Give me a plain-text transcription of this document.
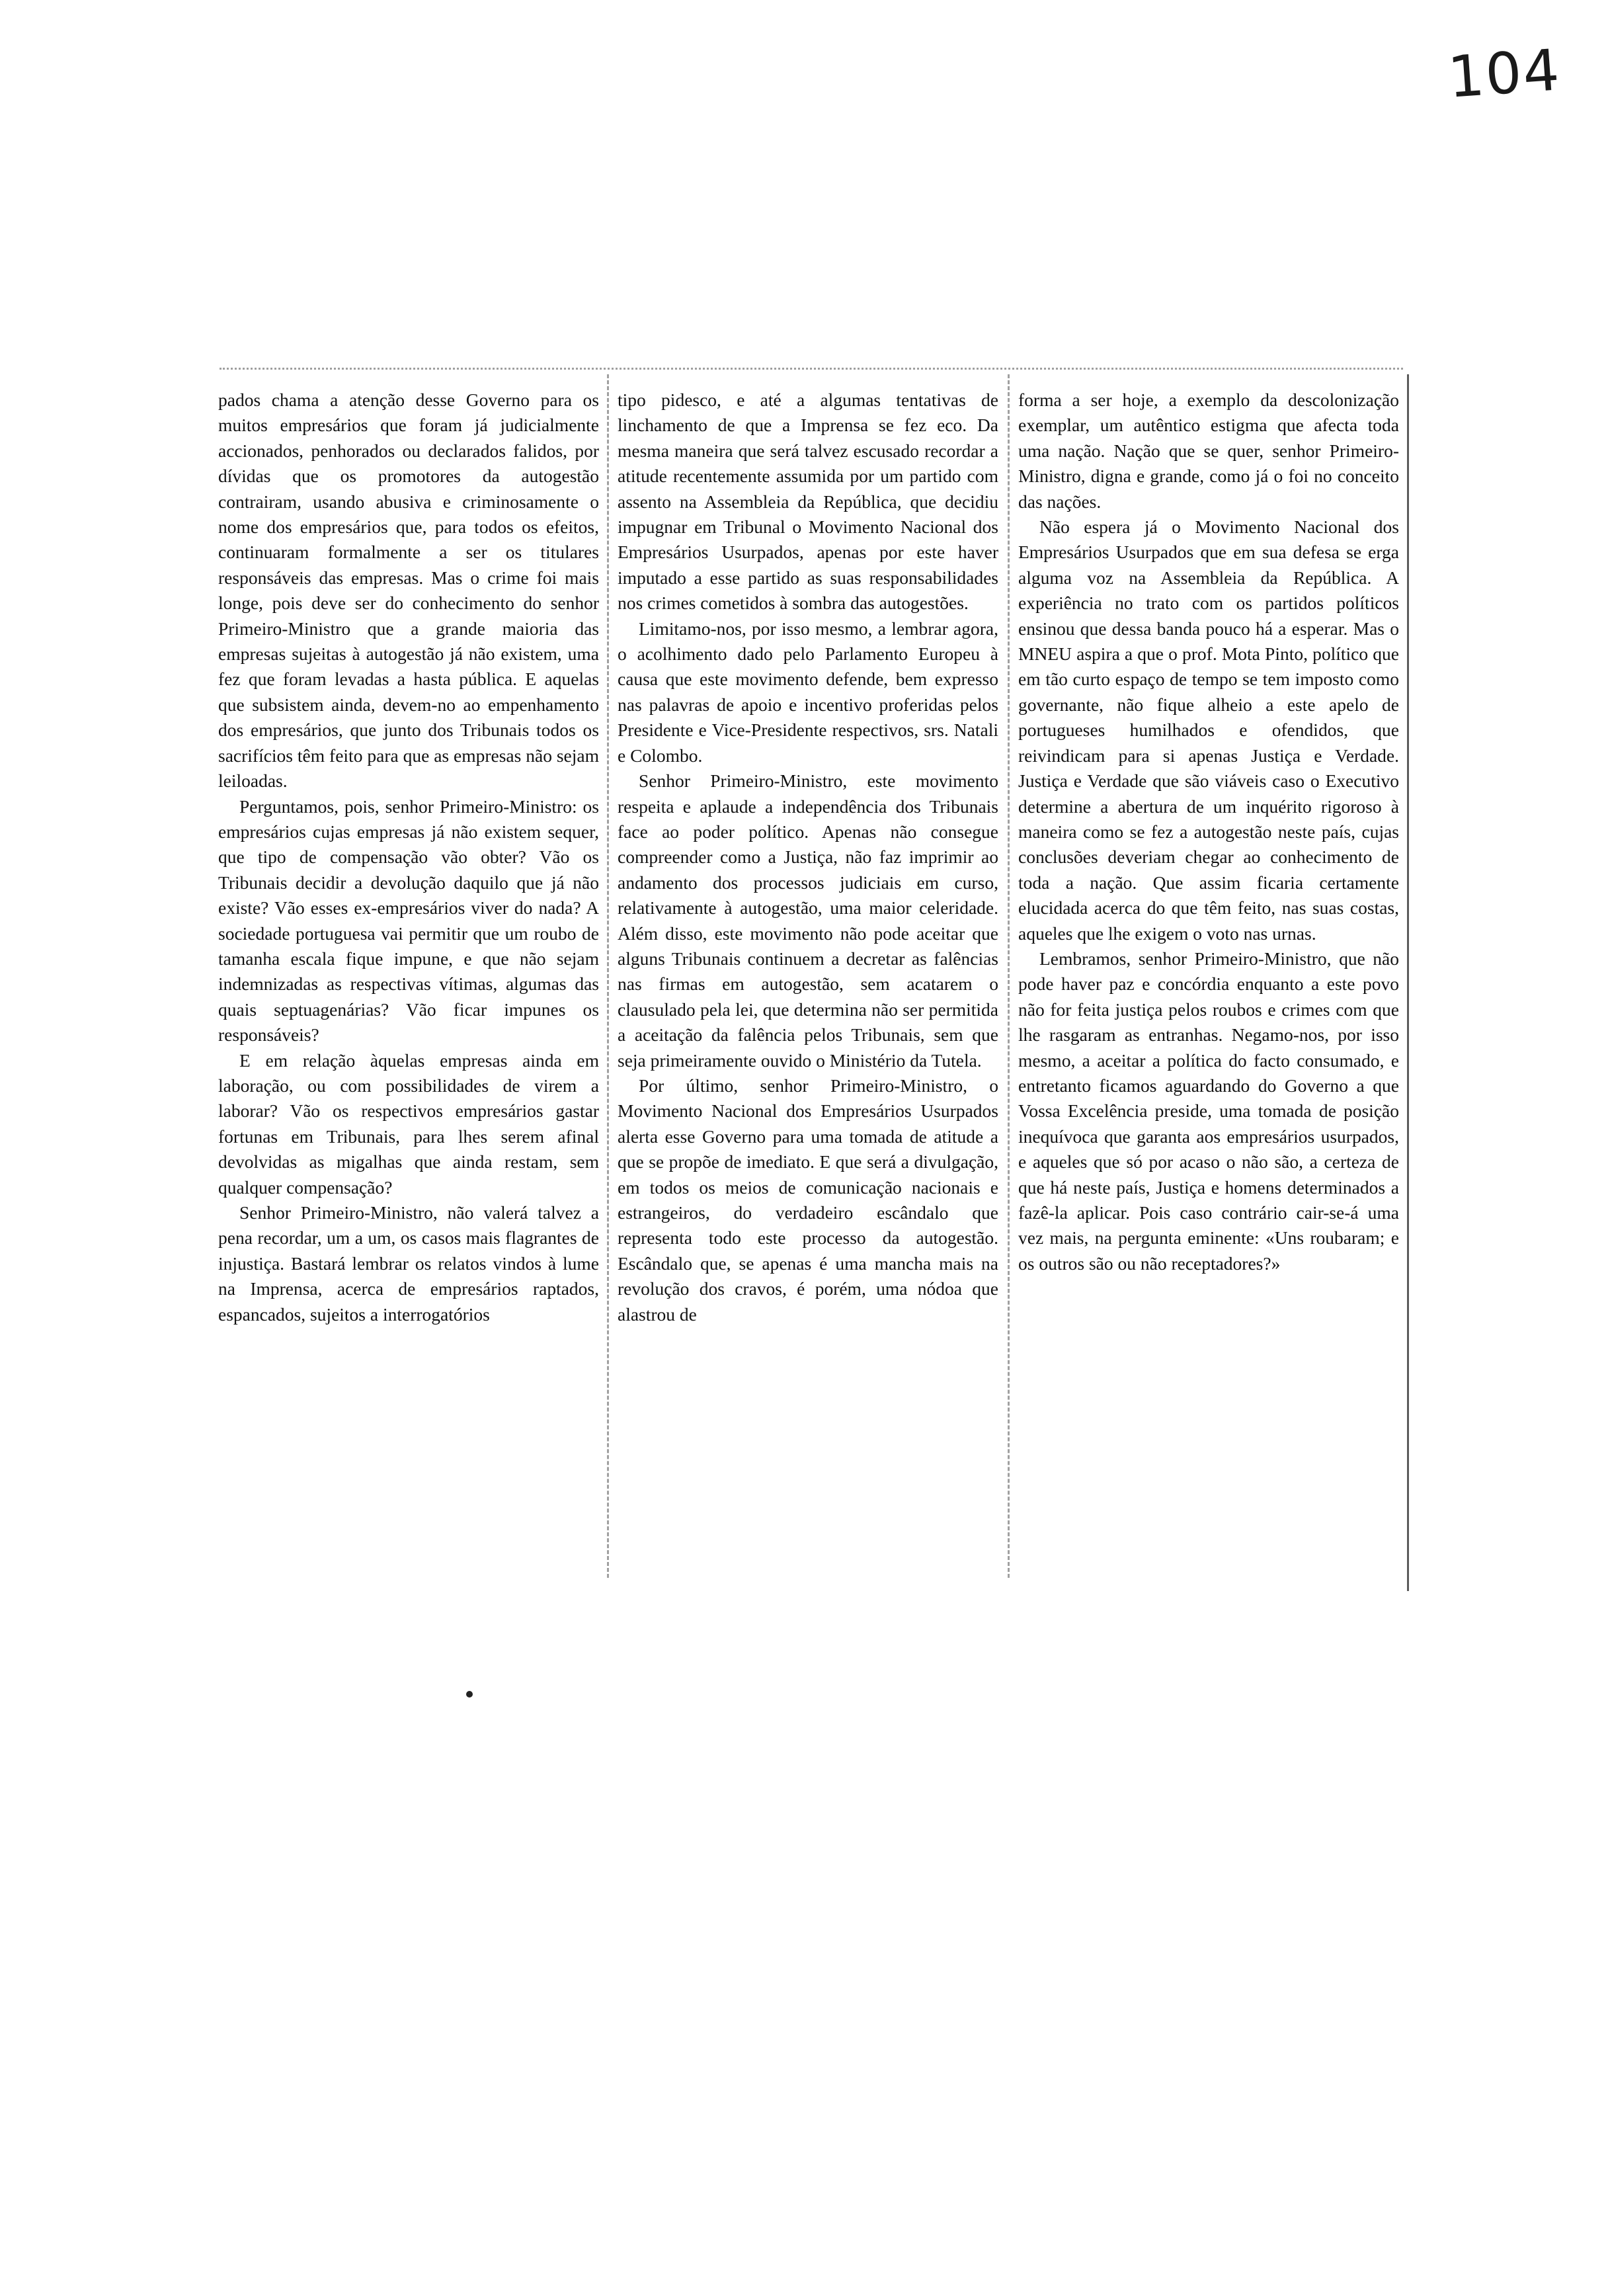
104

pados chama a atenção desse Governo para os muitos empresários que foram já judicialmente accionados, penhorados ou declarados falidos, por dívidas que os promotores da autogestão contrairam, usando abusiva e criminosamente o nome dos empresários que, para todos os efeitos, continuaram formalmente a ser os titulares responsáveis das empresas. Mas o crime foi mais longe, pois deve ser do conhecimento do senhor Primeiro-Ministro que a grande maioria das empresas sujeitas à autogestão já não existem, uma fez que foram levadas a hasta pública. E aquelas que subsistem ainda, devem-no ao empenhamento dos empresários, que junto dos Tribunais todos os sacrifícios têm feito para que as empresas não sejam leiloadas.

Perguntamos, pois, senhor Primeiro-Ministro: os empresários cujas empresas já não existem sequer, que tipo de compensação vão obter? Vão os Tribunais decidir a devolução daquilo que já não existe? Vão esses ex-empresários viver do nada? A sociedade portuguesa vai permitir que um roubo de tamanha escala fique impune, e que não sejam indemnizadas as respectivas vítimas, algumas das quais septuagenárias? Vão ficar impunes os responsáveis?

E em relação àquelas empresas ainda em laboração, ou com possibilidades de virem a laborar? Vão os respectivos empresários gastar fortunas em Tribunais, para lhes serem afinal devolvidas as migalhas que ainda restam, sem qualquer compensação?

Senhor Primeiro-Ministro, não valerá talvez a pena recordar, um a um, os casos mais flagrantes de injustiça. Bastará lembrar os relatos vindos à lume na Imprensa, acerca de empresários raptados, espancados, sujeitos a interrogatórios

tipo pidesco, e até a algumas tentativas de linchamento de que a Imprensa se fez eco. Da mesma maneira que será talvez escusado recordar a atitude recentemente assumida por um partido com assento na Assembleia da República, que decidiu impugnar em Tribunal o Movimento Nacional dos Empresários Usurpados, apenas por este haver imputado a esse partido as suas responsabilidades nos crimes cometidos à sombra das autogestões.

Limitamo-nos, por isso mesmo, a lembrar agora, o acolhimento dado pelo Parlamento Europeu à causa que este movimento defende, bem expresso nas palavras de apoio e incentivo proferidas pelos Presidente e Vice-Presidente respectivos, srs. Natali e Colombo.

Senhor Primeiro-Ministro, este movimento respeita e aplaude a independência dos Tribunais face ao poder político. Apenas não consegue compreender como a Justiça, não faz imprimir ao andamento dos processos judiciais em curso, relativamente à autogestão, uma maior celeridade. Além disso, este movimento não pode aceitar que alguns Tribunais continuem a decretar as falências nas firmas em autogestão, sem acatarem o clausulado pela lei, que determina não ser permitida a aceitação da falência pelos Tribunais, sem que seja primeiramente ouvido o Ministério da Tutela.

Por último, senhor Primeiro-Ministro, o Movimento Nacional dos Empresários Usurpados alerta esse Governo para uma tomada de atitude a que se propõe de imediato. E que será a divulgação, em todos os meios de comunicação nacionais e estrangeiros, do verdadeiro escândalo que representa todo este processo da autogestão. Escândalo que, se apenas é uma mancha mais na revolução dos cravos, é porém, uma nódoa que alastrou de

forma a ser hoje, a exemplo da descolonização exemplar, um autêntico estigma que afecta toda uma nação. Nação que se quer, senhor Primeiro-Ministro, digna e grande, como já o foi no conceito das nações.

Não espera já o Movimento Nacional dos Empresários Usurpados que em sua defesa se erga alguma voz na Assembleia da República. A experiência no trato com os partidos políticos ensinou que dessa banda pouco há a esperar. Mas o MNEU aspira a que o prof. Mota Pinto, político que em tão curto espaço de tempo se tem imposto como governante, não fique alheio a este apelo de portugueses humilhados e ofendidos, que reivindicam para si apenas Justiça e Verdade. Justiça e Verdade que são viáveis caso o Executivo determine a abertura de um inquérito rigoroso à maneira como se fez a autogestão neste país, cujas conclusões deveriam chegar ao conhecimento de toda a nação. Que assim ficaria certamente elucidada acerca do que têm feito, nas suas costas, aqueles que lhe exigem o voto nas urnas.

Lembramos, senhor Primeiro-Ministro, que não pode haver paz e concórdia enquanto a este povo não for feita justiça pelos roubos e crimes com que lhe rasgaram as entranhas. Negamo-nos, por isso mesmo, a aceitar a política do facto consumado, e entretanto ficamos aguardando do Governo a que Vossa Excelência preside, uma tomada de posição inequívoca que garanta aos empresários usurpados, e aqueles que só por acaso o não são, a certeza de que há neste país, Justiça e homens determinados a fazê-la aplicar. Pois caso contrário cair-se-á uma vez mais, na pergunta eminente: «Uns roubaram; e os outros são ou não receptadores?»
